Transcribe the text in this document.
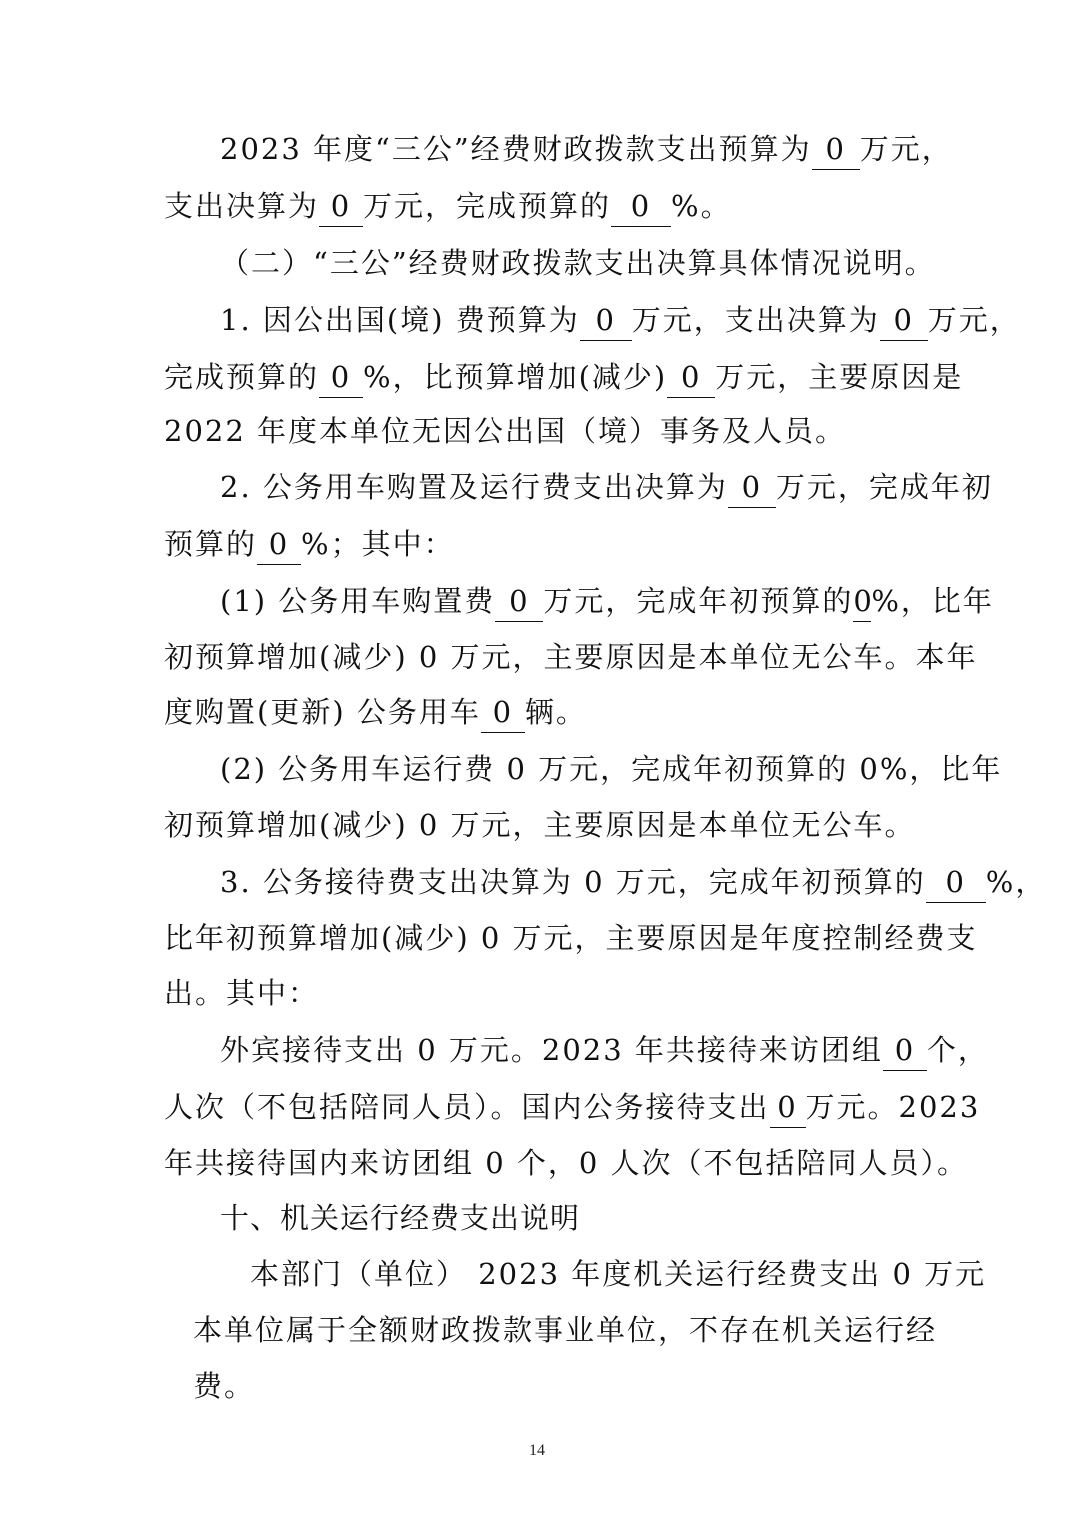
2023 年度“三公”经费财政拨款支出预算为 0 万元，
支出决算为 0 万元，完成预算的 0 %。
（二）“三公”经费财政拨款支出决算具体情况说明。
1. 因公出国(境) 费预算为 0 万元，支出决算为 0 万元，
完成预算的 0 %，比预算增加(减少) 0 万元，主要原因是
2022 年度本单位无因公出国（境）事务及人员。
2. 公务用车购置及运行费支出决算为 0 万元，完成年初
预算的 0 %；其中：
(1) 公务用车购置费 0 万元，完成年初预算的0%，比年
初预算增加(减少) 0 万元，主要原因是本单位无公车。本年
度购置(更新) 公务用车 0 辆。
(2) 公务用车运行费 0 万元，完成年初预算的 0%，比年
初预算增加(减少) 0 万元，主要原因是本单位无公车。
3. 公务接待费支出决算为 0 万元，完成年初预算的 0 %，
比年初预算增加(减少) 0 万元，主要原因是年度控制经费支
出。其中：
外宾接待支出 0 万元。2023 年共接待来访团组 0 个，
人次（不包括陪同人员）。国内公务接待支出 0 万元。2023
年共接待国内来访团组 0 个，0 人次（不包括陪同人员）。
十、机关运行经费支出说明
本部门（单位） 2023 年度机关运行经费支出 0 万元
本单位属于全额财政拨款事业单位，不存在机关运行经
费。
14
